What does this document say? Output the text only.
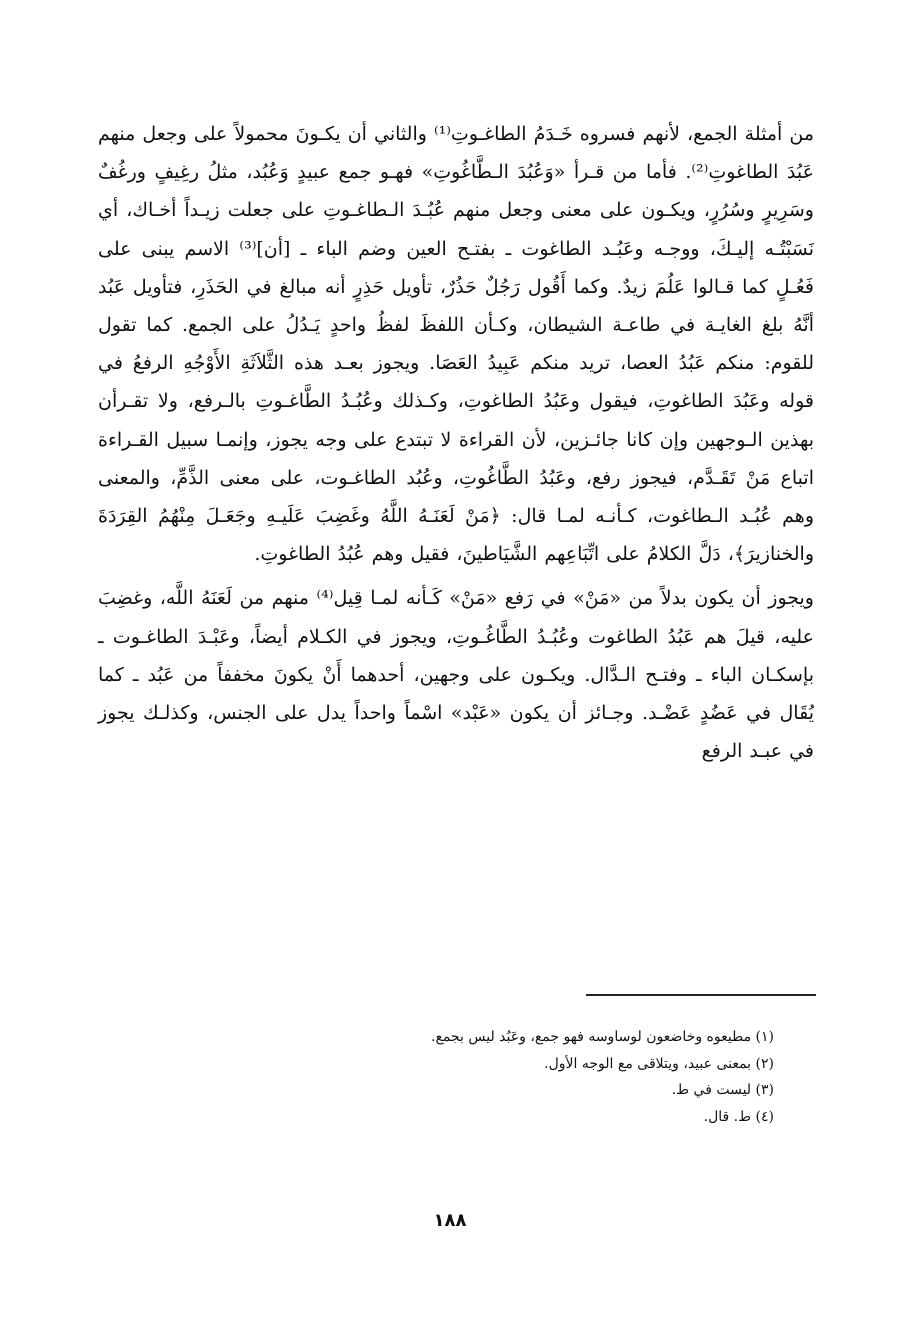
من أمثلة الجمع، لأنهم فسروه خَـدَمُ الطاغـوتِ⁽¹⁾ والثاني أن يكـونَ محمولاً على وجعل منهم عَبُدَ الطاغوتِ⁽²⁾. فأما من قـرأ «وَعُبُدَ الـطَّاغُوتِ» فهـو جمع عبيدٍ وَعُبُد، مثلُ رغِيفٍ ورغُفٌ وسَرِيرٍ وسُرُرٍ، ويكـون على معنى وجعل منهم عُبُـدَ الـطاغـوتِ على جعلت زيـداً أخـاك، أي نَسَبْتُـه إليـكَ، ووجـه وعَبُـد الطاغوت ـ بفتـح العين وضم الباء ـ [أن]⁽³⁾ الاسم يبنى على فَعُـلٍ كما قـالوا عَلُمَ زيدٌ. وكما أَقُول رَجُلٌ حَذُرٌ، تأويل حَذِرٍ أنه مبالغ في الحَذَرِ، فتأويل عَبُد أنَّهُ بلغ الغايـة في طاعـة الشيطان، وكـأن اللفظَ لفظُ واحدٍ يَـدُلُ على الجمع. كما تقول للقوم: منكم عَبُدُ العصا، تريد منكم عَبِيدُ العَصَا. ويجوز بعـد هذه الثَّلاَثَةِ الأَوْجُهِ الرفعُ في قوله وعَبُدَ الطاغوتِ، فيقول وعَبُدُ الطاغوتِ، وكـذلك وعُبُـدُ الطَّاغـوتِ بالـرفع، ولا تقـرأن بهذين الـوجهين وإن كانا جائـزين، لأن القراءة لا تبتدع على وجه يجوز، وإنمـا سبيل القـراءة اتباع مَنْ تَقَـدَّم، فيجوز رفع، وعَبُدُ الطَّاغُوتِ، وعُبُد الطاغـوت، على معنى الذَّمِّ، والمعنى وهم عُبُـد الـطاغوت، كـأنـه لمـا قال: ﴿مَنْ لَعَنَـهُ اللَّهُ وغَضِبَ عَلَيـهِ وجَعَـلَ مِنْهُمُ القِرَدَةَ والخنازيرَ﴾، دَلَّ الكلامُ على اتِّبَاعِهم الشَّيَاطينَ، فقيل وهم عُبُدُ الطاغوتِ.

ويجوز أن يكون بدلاً من «مَنْ» في رَفع «مَنْ» كَـأنه لمـا قِيل⁽⁴⁾ منهم من لَعَنَهُ اللَّه، وغضِبَ عليه، قيلَ هم عَبُدُ الطاغوت وعُبُـدُ الطَّاغُـوتِ، ويجوز في الكـلام أيضاً، وعَبْـدَ الطاغـوت ـ بإسكـان الباء ـ وفتـح الـدَّال. ويكـون على وجهين، أحدهما أَنْ يكونَ مخففاً من عَبُد ـ كما يُقَال في عَضُدٍ عَضْـد. وجـائز أن يكون «عَبْد» اسْماً واحداً يدل على الجنس، وكذلـك يجوز في عبـد الرفع

(١) مطيعوه وخاضعون لوساوسه فهو جمع، وعَبُد ليس بجمع.

(٢) بمعنى عبيد، ويتلاقى مع الوجه الأول.

(٣) ليست في ط.

(٤) ط. قال.

١٨٨
